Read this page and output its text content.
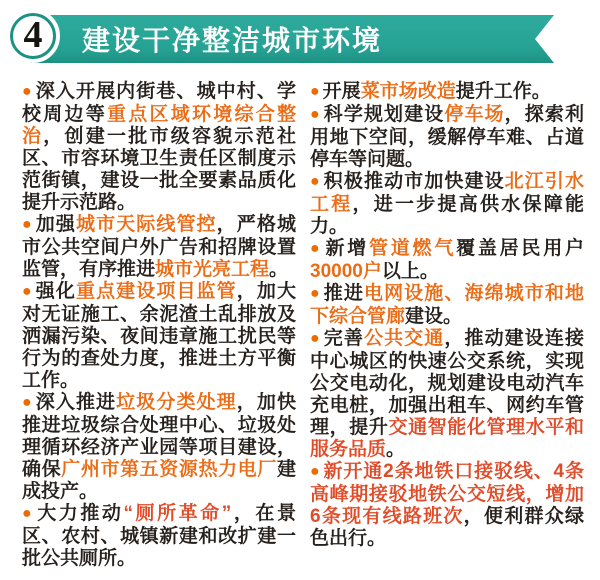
4 建设干净整洁城市环境

● 深入开展内街巷、城中村、学校周边等重点区域环境综合整治，创建一批市级容貌示范社区、市容环境卫生责任区制度示范街镇，建设一批全要素品质化提升示范路。

● 加强城市天际线管控，严格城市公共空间户外广告和招牌设置监管，有序推进城市光亮工程。

● 强化重点建设项目监管，加大对无证施工、余泥渣土乱排放及洒漏污染、夜间违章施工扰民等行为的查处力度，推进土方平衡工作。

● 深入推进垃圾分类处理，加快推进垃圾综合处理中心、垃圾处理循环经济产业园等项目建设，确保广州市第五资源热力电厂建成投产。

● 大力推动“厕所革命”，在景区、农村、城镇新建和改扩建一批公共厕所。

● 开展菜市场改造提升工作。

● 科学规划建设停车场，探索利用地下空间，缓解停车难、占道停车等问题。

● 积极推动市加快建设北江引水工程，进一步提高供水保障能力。

● 新增管道燃气覆盖居民用户30000户以上。

● 推进电网设施、海绵城市和地下综合管廊建设。

● 完善公共交通，推动建设连接中心城区的快速公交系统，实现公交电动化，规划建设电动汽车充电桩，加强出租车、网约车管理，提升交通智能化管理水平和服务品质。

● 新开通2条地铁口接驳线、4条高峰期接驳地铁公交短线，增加6条现有线路班次，便利群众绿色出行。
